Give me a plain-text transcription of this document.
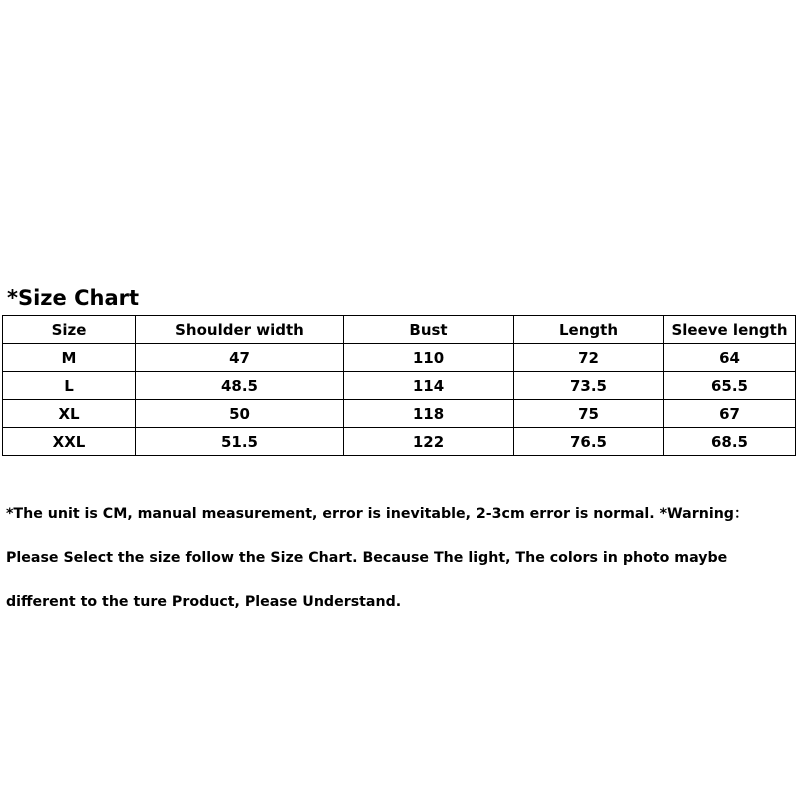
*Size Chart
Size	Shoulder width	Bust	Length	Sleeve length
M	47	110	72	64
L	48.5	114	73.5	65.5
XL	50	118	75	67
XXL	51.5	122	76.5	68.5

*The unit is CM, manual measurement, error is inevitable, 2-3cm error is normal. *Warning：

Please Select the size follow the Size Chart. Because The light, The colors in photo maybe

different to the ture Product, Please Understand.
